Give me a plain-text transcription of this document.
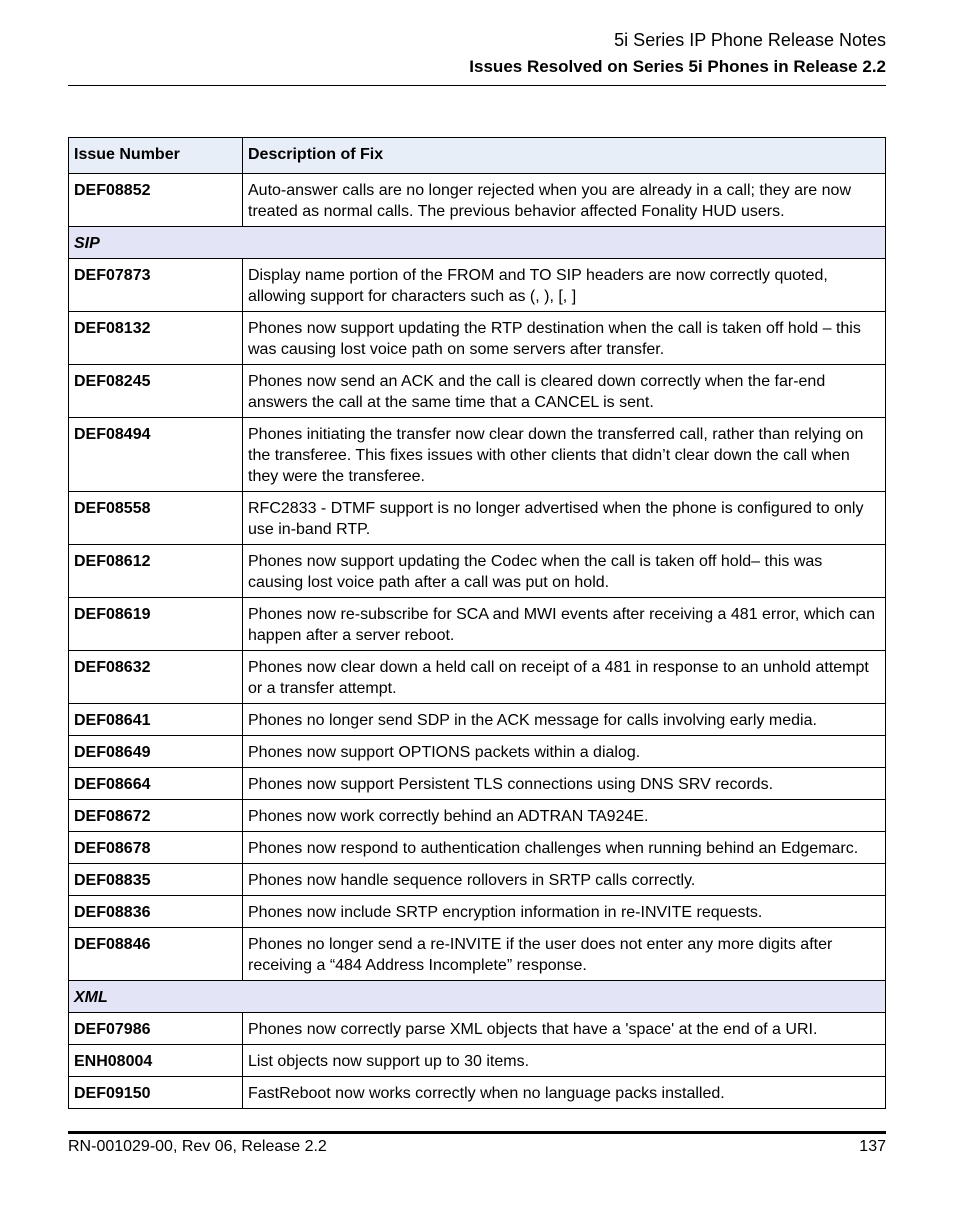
5i Series IP Phone Release Notes
Issues Resolved on Series 5i Phones in Release 2.2
Issue Number	Description of Fix
DEF08852	Auto-answer calls are no longer rejected when you are already in a call; they are now treated as normal calls. The previous behavior affected Fonality HUD users.
SIP	
DEF07873	Display name portion of the FROM and TO SIP headers are now correctly quoted, allowing support for characters such as (, ), [, ]
DEF08132	Phones now support updating the RTP destination when the call is taken off hold – this was causing lost voice path on some servers after transfer.
DEF08245	Phones now send an ACK and the call is cleared down correctly when the far-end answers the call at the same time that a CANCEL is sent.
DEF08494	Phones initiating the transfer now clear down the transferred call, rather than relying on the transferee. This fixes issues with other clients that didn’t clear down the call when they were the transferee.
DEF08558	RFC2833 - DTMF support is no longer advertised when the phone is configured to only use in-band RTP.
DEF08612	Phones now support updating the Codec when the call is taken off hold– this was causing lost voice path after a call was put on hold.
DEF08619	Phones now re-subscribe for SCA and MWI events after receiving a 481 error, which can happen after a server reboot.
DEF08632	Phones now clear down a held call on receipt of a 481 in response to an unhold attempt or a transfer attempt.
DEF08641	Phones no longer send SDP in the ACK message for calls involving early media.
DEF08649	Phones now support OPTIONS packets within a dialog.
DEF08664	Phones now support Persistent TLS connections using DNS SRV records.
DEF08672	Phones now work correctly behind an ADTRAN TA924E.
DEF08678	Phones now respond to authentication challenges when running behind an Edgemarc.
DEF08835	Phones now handle sequence rollovers in SRTP calls correctly.
DEF08836	Phones now include SRTP encryption information in re-INVITE requests.
DEF08846	Phones no longer send a re-INVITE if the user does not enter any more digits after receiving a “484 Address Incomplete” response.
XML	
DEF07986	Phones now correctly parse XML objects that have a 'space' at the end of a URI.
ENH08004	List objects now support up to 30 items.
DEF09150	FastReboot now works correctly when no language packs installed.
RN-001029-00, Rev 06, Release 2.2	137
